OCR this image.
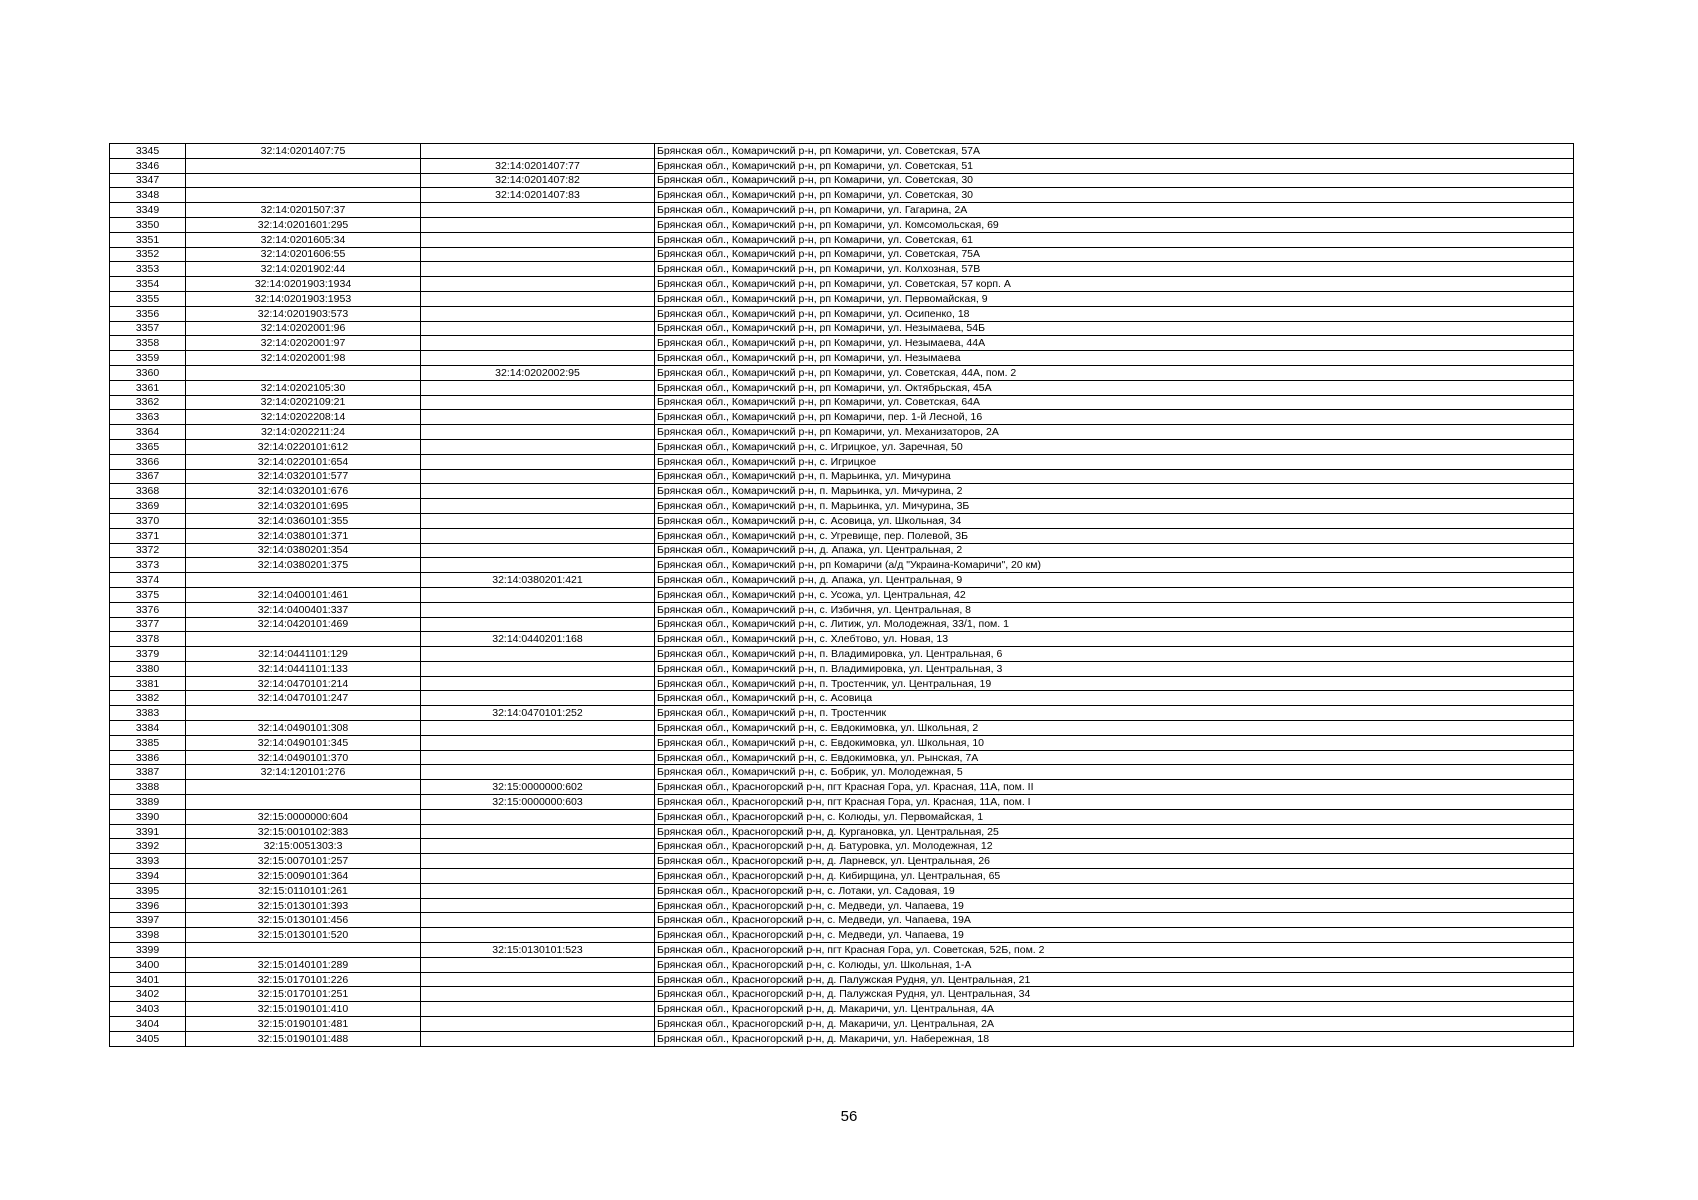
3345	32:14:0201407:75		Брянская обл., Комаричский р-н, рп Комаричи, ул. Советская, 57А
3346		32:14:0201407:77	Брянская обл., Комаричский р-н, рп Комаричи, ул. Советская, 51
3347		32:14:0201407:82	Брянская обл., Комаричский р-н, рп Комаричи, ул. Советская, 30
3348		32:14:0201407:83	Брянская обл., Комаричский р-н, рп Комаричи, ул. Советская, 30
3349	32:14:0201507:37		Брянская обл., Комаричский р-н, рп Комаричи, ул. Гагарина, 2А
3350	32:14:0201601:295		Брянская обл., Комаричский р-н, рп Комаричи, ул. Комсомольская, 69
3351	32:14:0201605:34		Брянская обл., Комаричский р-н, рп Комаричи, ул. Советская, 61
3352	32:14:0201606:55		Брянская обл., Комаричский р-н, рп Комаричи, ул. Советская, 75А
3353	32:14:0201902:44		Брянская обл., Комаричский р-н, рп Комаричи, ул. Колхозная, 57В
3354	32:14:0201903:1934		Брянская обл., Комаричский р-н, рп Комаричи, ул. Советская, 57 корп. А
3355	32:14:0201903:1953		Брянская обл., Комаричский р-н, рп Комаричи, ул. Первомайская, 9
3356	32:14:0201903:573		Брянская обл., Комаричский р-н, рп Комаричи, ул. Осипенко, 18
3357	32:14:0202001:96		Брянская обл., Комаричский р-н, рп Комаричи, ул. Незымаева, 54Б
3358	32:14:0202001:97		Брянская обл., Комаричский р-н, рп Комаричи, ул. Незымаева, 44А
3359	32:14:0202001:98		Брянская обл., Комаричский р-н, рп Комаричи, ул. Незымаева
3360		32:14:0202002:95	Брянская обл., Комаричский р-н, рп Комаричи, ул. Советская, 44А, пом. 2
3361	32:14:0202105:30		Брянская обл., Комаричский р-н, рп Комаричи, ул. Октябрьская, 45А
3362	32:14:0202109:21		Брянская обл., Комаричский р-н, рп Комаричи, ул. Советская, 64А
3363	32:14:0202208:14		Брянская обл., Комаричский р-н, рп Комаричи, пер. 1-й Лесной, 16
3364	32:14:0202211:24		Брянская обл., Комаричский р-н, рп Комаричи, ул. Механизаторов, 2А
3365	32:14:0220101:612		Брянская обл., Комаричский р-н, с. Игрицкое, ул. Заречная, 50
3366	32:14:0220101:654		Брянская обл., Комаричский р-н, с. Игрицкое
3367	32:14:0320101:577		Брянская обл., Комаричский р-н, п. Марьинка, ул. Мичурина
3368	32:14:0320101:676		Брянская обл., Комаричский р-н, п. Марьинка, ул. Мичурина, 2
3369	32:14:0320101:695		Брянская обл., Комаричский р-н, п. Марьинка, ул. Мичурина, 3Б
3370	32:14:0360101:355		Брянская обл., Комаричский р-н, с. Асовица, ул. Школьная, 34
3371	32:14:0380101:371		Брянская обл., Комаричский р-н, с. Угревище, пер. Полевой, 3Б
3372	32:14:0380201:354		Брянская обл., Комаричский р-н, д. Апажа, ул. Центральная, 2
3373	32:14:0380201:375		Брянская обл., Комаричский р-н, рп Комаричи (а/д "Украина-Комаричи", 20 км)
3374		32:14:0380201:421	Брянская обл., Комаричский р-н, д. Апажа, ул. Центральная, 9
3375	32:14:0400101:461		Брянская обл., Комаричский р-н, с. Усожа, ул. Центральная, 42
3376	32:14:0400401:337		Брянская обл., Комаричский р-н, с. Избичня, ул. Центральная, 8
3377	32:14:0420101:469		Брянская обл., Комаричский р-н, с. Литиж, ул. Молодежная, 33/1, пом. 1
3378		32:14:0440201:168	Брянская обл., Комаричский р-н, с. Хлебтово, ул. Новая, 13
3379	32:14:0441101:129		Брянская обл., Комаричский р-н, п. Владимировка, ул. Центральная, 6
3380	32:14:0441101:133		Брянская обл., Комаричский р-н, п. Владимировка, ул. Центральная, 3
3381	32:14:0470101:214		Брянская обл., Комаричский р-н, п. Тростенчик, ул. Центральная, 19
3382	32:14:0470101:247		Брянская обл., Комаричский р-н, с. Асовица
3383		32:14:0470101:252	Брянская обл., Комаричский р-н, п. Тростенчик
3384	32:14:0490101:308		Брянская обл., Комаричский р-н, с. Евдокимовка, ул. Школьная, 2
3385	32:14:0490101:345		Брянская обл., Комаричский р-н, с. Евдокимовка, ул. Школьная, 10
3386	32:14:0490101:370		Брянская обл., Комаричский р-н, с. Евдокимовка, ул. Рынская, 7А
3387	32:14:120101:276		Брянская обл., Комаричский р-н, с. Бобрик, ул. Молодежная, 5
3388		32:15:0000000:602	Брянская обл., Красногорский р-н, пгт Красная Гора, ул. Красная, 11А, пом. II
3389		32:15:0000000:603	Брянская обл., Красногорский р-н, пгт Красная Гора, ул. Красная, 11А, пом. I
3390	32:15:0000000:604		Брянская обл., Красногорский р-н, с. Колюды, ул. Первомайская, 1
3391	32:15:0010102:383		Брянская обл., Красногорский р-н, д. Кургановка, ул. Центральная, 25
3392	32:15:0051303:3		Брянская обл., Красногорский р-н, д. Батуровка, ул. Молодежная, 12
3393	32:15:0070101:257		Брянская обл., Красногорский р-н, д. Ларневск, ул. Центральная, 26
3394	32:15:0090101:364		Брянская обл., Красногорский р-н, д. Кибирщина, ул. Центральная, 65
3395	32:15:0110101:261		Брянская обл., Красногорский р-н, с. Лотаки, ул. Садовая, 19
3396	32:15:0130101:393		Брянская обл., Красногорский р-н, с. Медведи, ул. Чапаева, 19
3397	32:15:0130101:456		Брянская обл., Красногорский р-н, с. Медведи, ул. Чапаева, 19А
3398	32:15:0130101:520		Брянская обл., Красногорский р-н, с. Медведи, ул. Чапаева, 19
3399		32:15:0130101:523	Брянская обл., Красногорский р-н, пгт Красная Гора, ул. Советская, 52Б, пом. 2
3400	32:15:0140101:289		Брянская обл., Красногорский р-н, с. Колюды, ул. Школьная, 1-А
3401	32:15:0170101:226		Брянская обл., Красногорский р-н, д. Палужская Рудня, ул. Центральная, 21
3402	32:15:0170101:251		Брянская обл., Красногорский р-н, д. Палужская Рудня, ул. Центральная, 34
3403	32:15:0190101:410		Брянская обл., Красногорский р-н, д. Макаричи, ул. Центральная, 4А
3404	32:15:0190101:481		Брянская обл., Красногорский р-н, д. Макаричи, ул. Центральная, 2А
3405	32:15:0190101:488		Брянская обл., Красногорский р-н, д. Макаричи, ул. Набережная, 18
56
